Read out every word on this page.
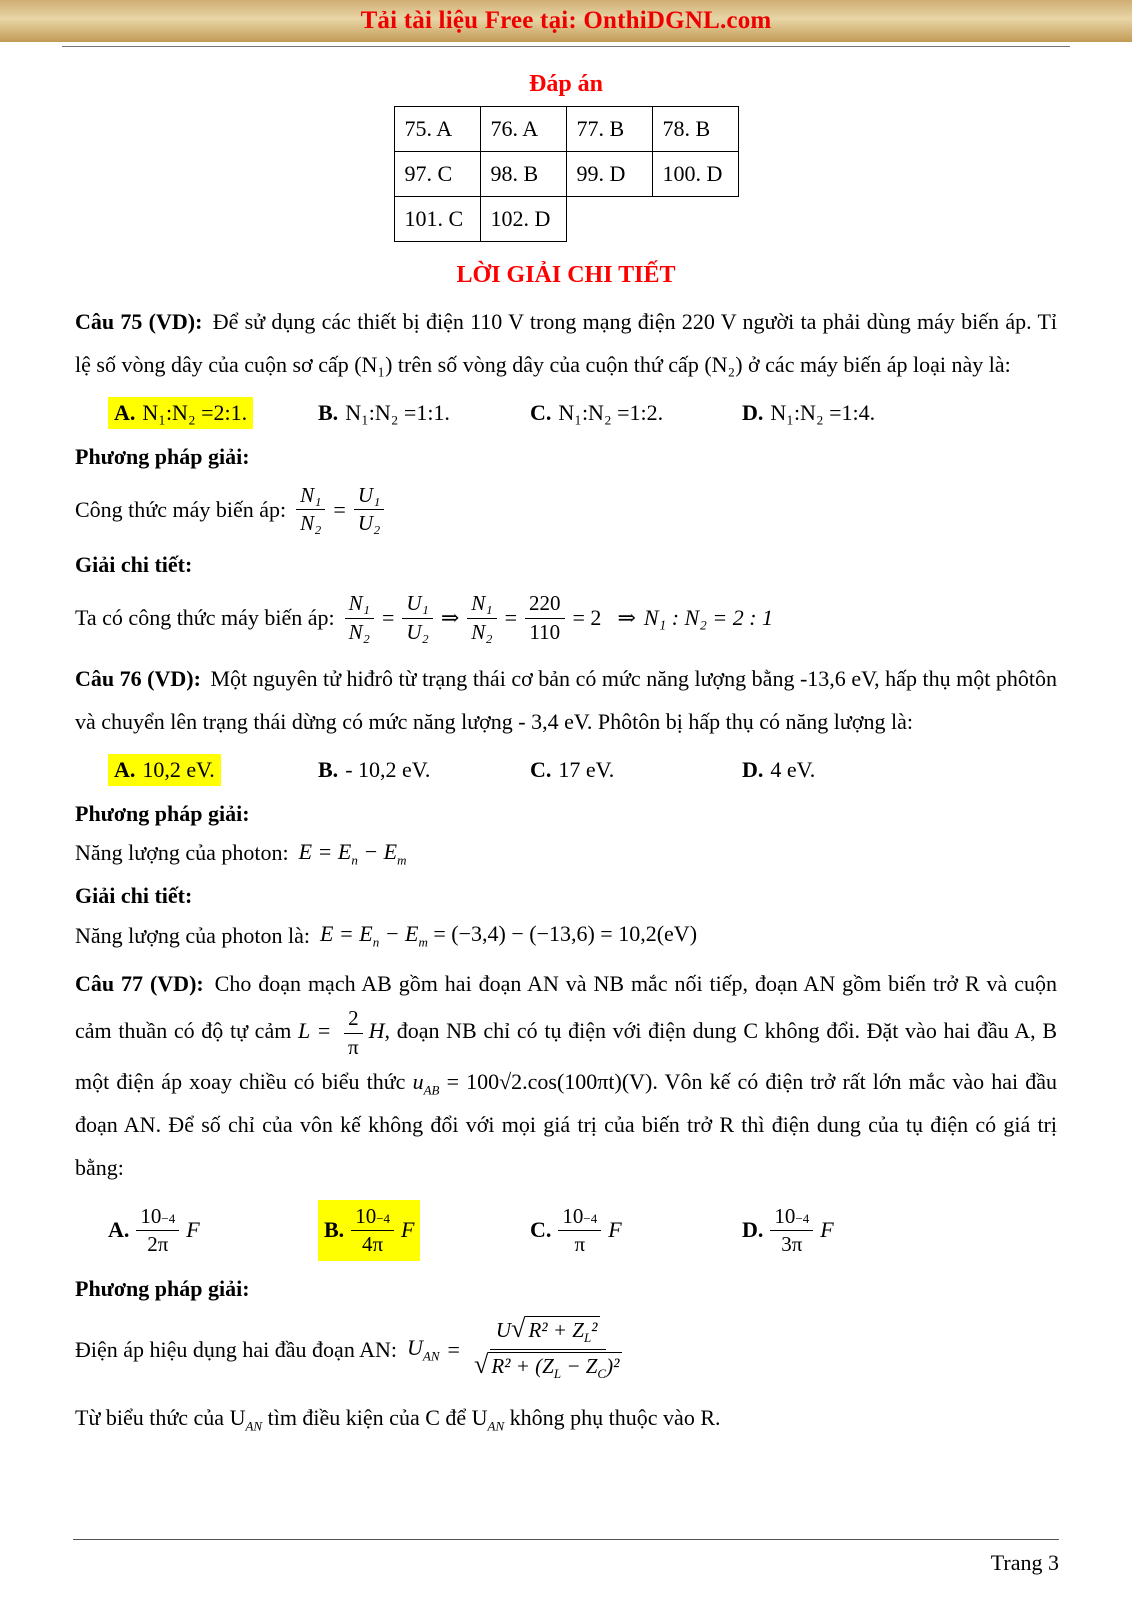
Tải tài liệu Free tại: OnthiDGNL.com
Đáp án
75. A	76. A	77. B	78. B
97. C	98. B	99. D	100. D
101. C	102. D		
LỜI GIẢI CHI TIẾT

Câu 75 (VD): Để sử dụng các thiết bị điện 110 V trong mạng điện 220 V người ta phải dùng máy biến áp. Tỉ lệ số vòng dây của cuộn sơ cấp (N₁) trên số vòng dây của cuộn thứ cấp (N₂) ở các máy biến áp loại này là:

A. N₁:N₂ =2:1.	B. N₁:N₂ =1:1.	C. N₁:N₂ =1:2.	D. N₁:N₂ =1:4.

Phương pháp giải:

Công thức máy biến áp: $\frac{\text{N₁}}{\text{N₂}} = \frac{\text{U₁}}{\text{U₂}}$

Giải chi tiết:

Ta có công thức máy biến áp: $\frac{\text{N₁}}{\text{N₂}} = \frac{\text{U₁}}{\text{U₂}}$ ⇒ $\frac{\text{N₁}}{\text{N₂}} = \frac{220}{110} = 2$ ⇒ N₁ : N₂ = 2 : 1

Câu 76 (VD): Một nguyên tử hiđrô từ trạng thái cơ bản có mức năng lượng bằng -13,6 eV, hấp thụ một phôtôn và chuyển lên trạng thái dừng có mức năng lượng - 3,4 eV. Phôtôn bị hấp thụ có năng lượng là:

A. 10,2 eV.	B. - 10,2 eV.	C. 17 eV.	D. 4 eV.

Phương pháp giải:

Năng lượng của photon: $E = E_n - E_m$

Giải chi tiết:

Năng lượng của photon là: $E = E_n - E_m = (-3,4) - (-13,6) = 10,2(eV)$

Câu 77 (VD): Cho đoạn mạch AB gồm hai đoạn AN và NB mắc nối tiếp, đoạn AN gồm biến trở R và cuộn cảm thuần có độ tự cảm $L = \frac{2}{\pi} H$, đoạn NB chỉ có tụ điện với điện dung C không đổi. Đặt vào hai đầu A, B một điện áp xoay chiều có biểu thức $u_{AB} = 100√2.\cos(100\pi t)(V)$. Vôn kế có điện trở rất lớn mắc vào hai đầu đoạn AN. Để số chỉ của vôn kế không đổi với mọi giá trị của biến trở R thì điện dung của tụ điện có giá trị bằng:

A. $\frac{10 -4}{2\pi}$ F	B. $\frac{10 -4}{4\pi}$ F	C. $\frac{10 -4}{\pi}$ F	D. $\frac{10 -4}{3\pi}$ F

Phương pháp giải:

Điện áp hiệu dụng hai đầu đoạn AN: $U_{AN} = \frac{U √ R^2 + Z_L^2}{√ R^2 + (Z_L - Z_C)^2}$

Từ biểu thức của $U_{AN}$ tìm điều kiện của C để $U_{AN}$ không phụ thuộc vào R.

Trang 3
